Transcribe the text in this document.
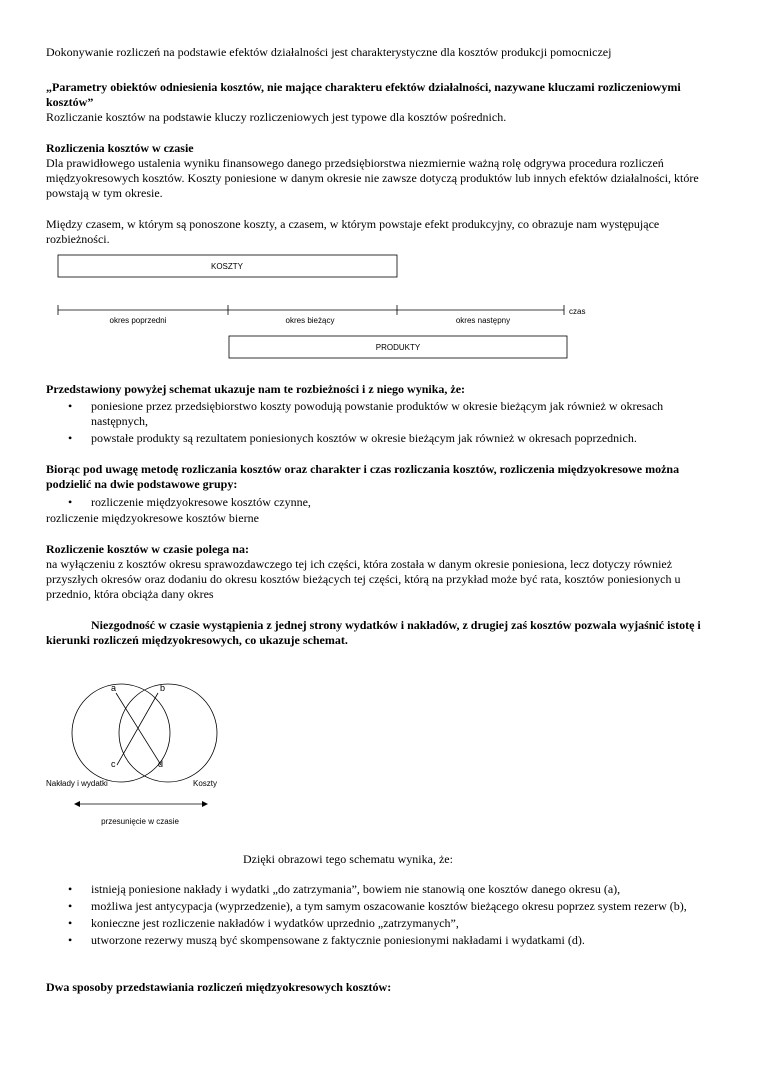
Dokonywanie rozliczeń na podstawie efektów działalności jest charakterystyczne dla kosztów produkcji pomocniczej

„Parametry obiektów odniesienia kosztów, nie mające charakteru efektów działalności, nazywane kluczami rozliczeniowymi kosztów”

Rozliczanie kosztów na podstawie kluczy rozliczeniowych jest typowe dla kosztów pośrednich.

Rozliczenia kosztów w czasie

Dla prawidłowego ustalenia wyniku finansowego danego przedsiębiorstwa niezmiernie ważną rolę odgrywa procedura rozliczeń międzyokresowych kosztów. Koszty poniesione w danym okresie nie zawsze dotyczą produktów lub innych efektów działalności, które powstają w tym okresie.

Między czasem, w którym są ponoszone koszty, a czasem, w którym powstaje efekt produkcyjny, co obrazuje nam występujące rozbieżności.

KOSZTY
czas
okres poprzedni	okres bieżący	okres następny
PRODUKTY

Przedstawiony powyżej schemat ukazuje nam te rozbieżności i z niego wynika, że:

• poniesione przez przedsiębiorstwo koszty powodują powstanie produktów w okresie bieżącym jak również w okresach następnych,
• powstałe produkty są rezultatem poniesionych kosztów w okresie bieżącym jak również w okresach poprzednich.

Biorąc pod uwagę metodę rozliczania kosztów oraz charakter i czas rozliczania kosztów, rozliczenia międzyokresowe można podzielić na dwie podstawowe grupy:

• rozliczenie międzyokresowe kosztów czynne,

rozliczenie międzyokresowe kosztów bierne

Rozliczenie kosztów w czasie polega na:

na wyłączeniu z kosztów okresu sprawozdawczego tej ich części, która została w danym okresie poniesiona, lecz dotyczy również przyszłych okresów oraz dodaniu do okresu kosztów bieżących tej części, którą na przykład może być rata, kosztów poniesionych u przednio, która obciąża dany okres

Niezgodność w czasie wystąpienia z jednej strony wydatków i nakładów, z drugiej zaś kosztów pozwala wyjaśnić istotę i kierunki rozliczeń międzyokresowych, co ukazuje schemat.

a	b
c	d
Nakłady i wydatki	Koszty
przesunięcie w czasie

Dzięki obrazowi tego schematu wynika, że:

• istnieją poniesione nakłady i wydatki „do zatrzymania”, bowiem nie stanowią one kosztów danego okresu (a),
• możliwa jest antycypacja (wyprzedzenie), a tym samym oszacowanie kosztów bieżącego okresu poprzez system rezerw (b),
• konieczne jest rozliczenie nakładów i wydatków uprzednio „zatrzymanych”,
• utworzone rezerwy muszą być skompensowane z faktycznie poniesionymi nakładami i wydatkami (d).

Dwa sposoby przedstawiania rozliczeń międzyokresowych kosztów:
